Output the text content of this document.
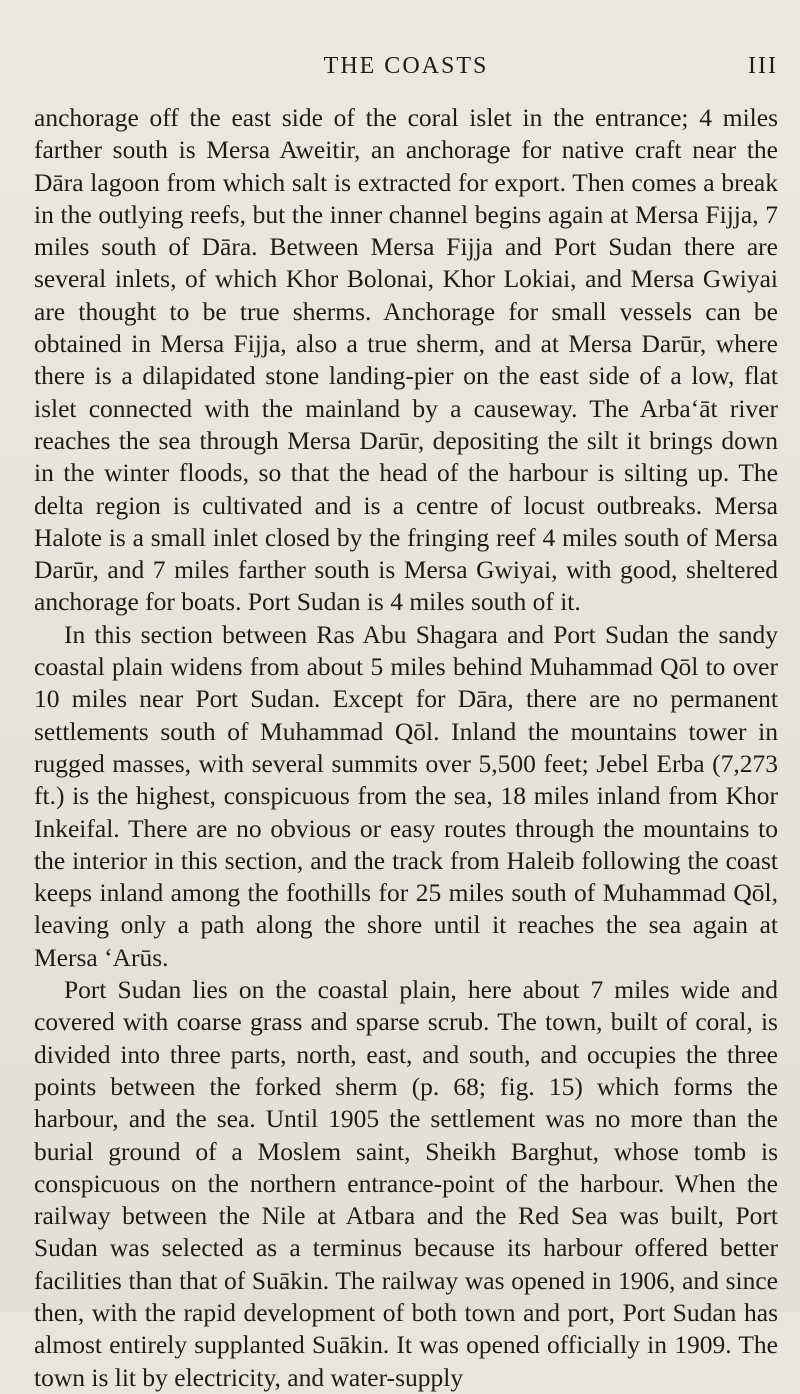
THE COASTS	III

anchorage off the east side of the coral islet in the entrance; 4 miles farther south is Mersa Aweitir, an anchorage for native craft near the Dāra lagoon from which salt is extracted for export. Then comes a break in the outlying reefs, but the inner channel begins again at Mersa Fijja, 7 miles south of Dāra. Between Mersa Fijja and Port Sudan there are several inlets, of which Khor Bolonai, Khor Lokiai, and Mersa Gwiyai are thought to be true sherms. Anchorage for small vessels can be obtained in Mersa Fijja, also a true sherm, and at Mersa Darūr, where there is a dilapidated stone landing-pier on the east side of a low, flat islet connected with the mainland by a causeway. The Arba‘āt river reaches the sea through Mersa Darūr, depositing the silt it brings down in the winter floods, so that the head of the harbour is silting up. The delta region is cultivated and is a centre of locust outbreaks. Mersa Halote is a small inlet closed by the fringing reef 4 miles south of Mersa Darūr, and 7 miles farther south is Mersa Gwiyai, with good, sheltered anchorage for boats. Port Sudan is 4 miles south of it.

In this section between Ras Abu Shagara and Port Sudan the sandy coastal plain widens from about 5 miles behind Muhammad Qōl to over 10 miles near Port Sudan. Except for Dāra, there are no permanent settlements south of Muhammad Qōl. Inland the mountains tower in rugged masses, with several summits over 5,500 feet; Jebel Erba (7,273 ft.) is the highest, conspicuous from the sea, 18 miles inland from Khor Inkeifal. There are no obvious or easy routes through the mountains to the interior in this section, and the track from Haleib following the coast keeps inland among the foothills for 25 miles south of Muhammad Qōl, leaving only a path along the shore until it reaches the sea again at Mersa ‘Arūs.

Port Sudan lies on the coastal plain, here about 7 miles wide and covered with coarse grass and sparse scrub. The town, built of coral, is divided into three parts, north, east, and south, and occupies the three points between the forked sherm (p. 68; fig. 15) which forms the harbour, and the sea. Until 1905 the settlement was no more than the burial ground of a Moslem saint, Sheikh Barghut, whose tomb is conspicuous on the northern entrance-point of the harbour. When the railway between the Nile at Atbara and the Red Sea was built, Port Sudan was selected as a terminus because its harbour offered better facilities than that of Suākin. The railway was opened in 1906, and since then, with the rapid development of both town and port, Port Sudan has almost entirely supplanted Suākin. It was opened officially in 1909. The town is lit by electricity, and water-supply
